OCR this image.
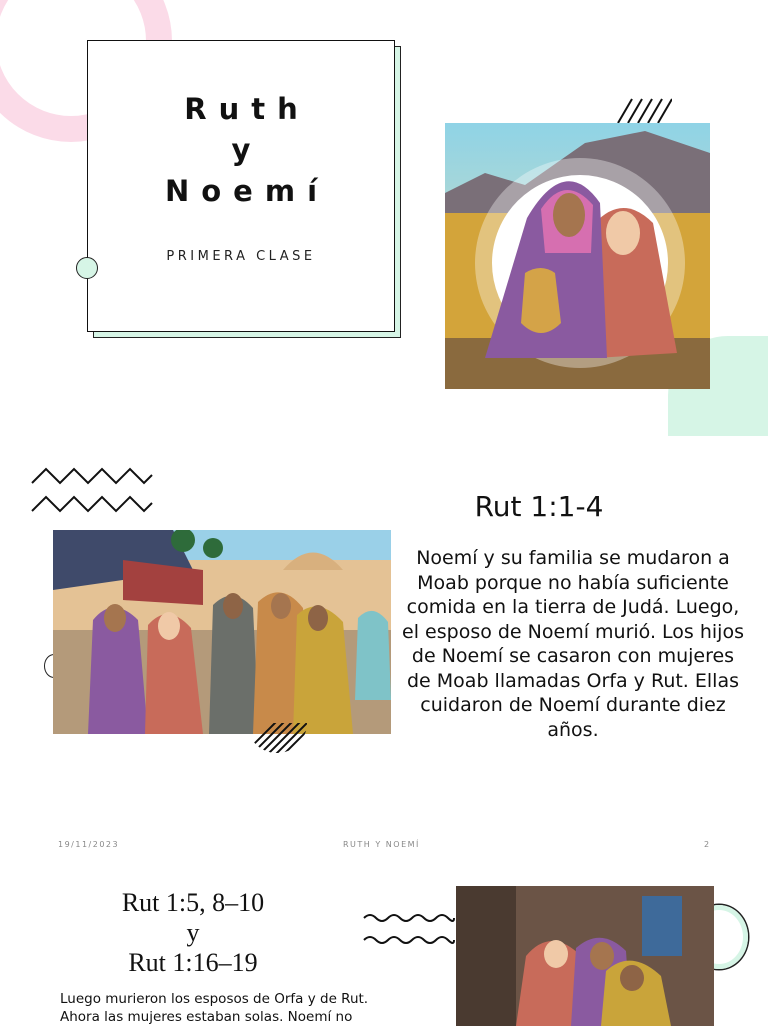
Ruth
y
Noemí
PRIMERA CLASE
Rut 1:1-4
Noemí y su familia se mudaron a Moab porque no había suficiente comida en la tierra de Judá. Luego, el esposo de Noemí murió. Los hijos de Noemí se casaron con mujeres de Moab llamadas Orfa y Rut. Ellas cuidaron de Noemí durante diez años.
19/11/2023	RUTH Y NOEMÍ	2
Rut 1:5, 8–10
y
Rut 1:16–19
Luego murieron los esposos de Orfa y de Rut. Ahora las mujeres estaban solas. Noemí no
